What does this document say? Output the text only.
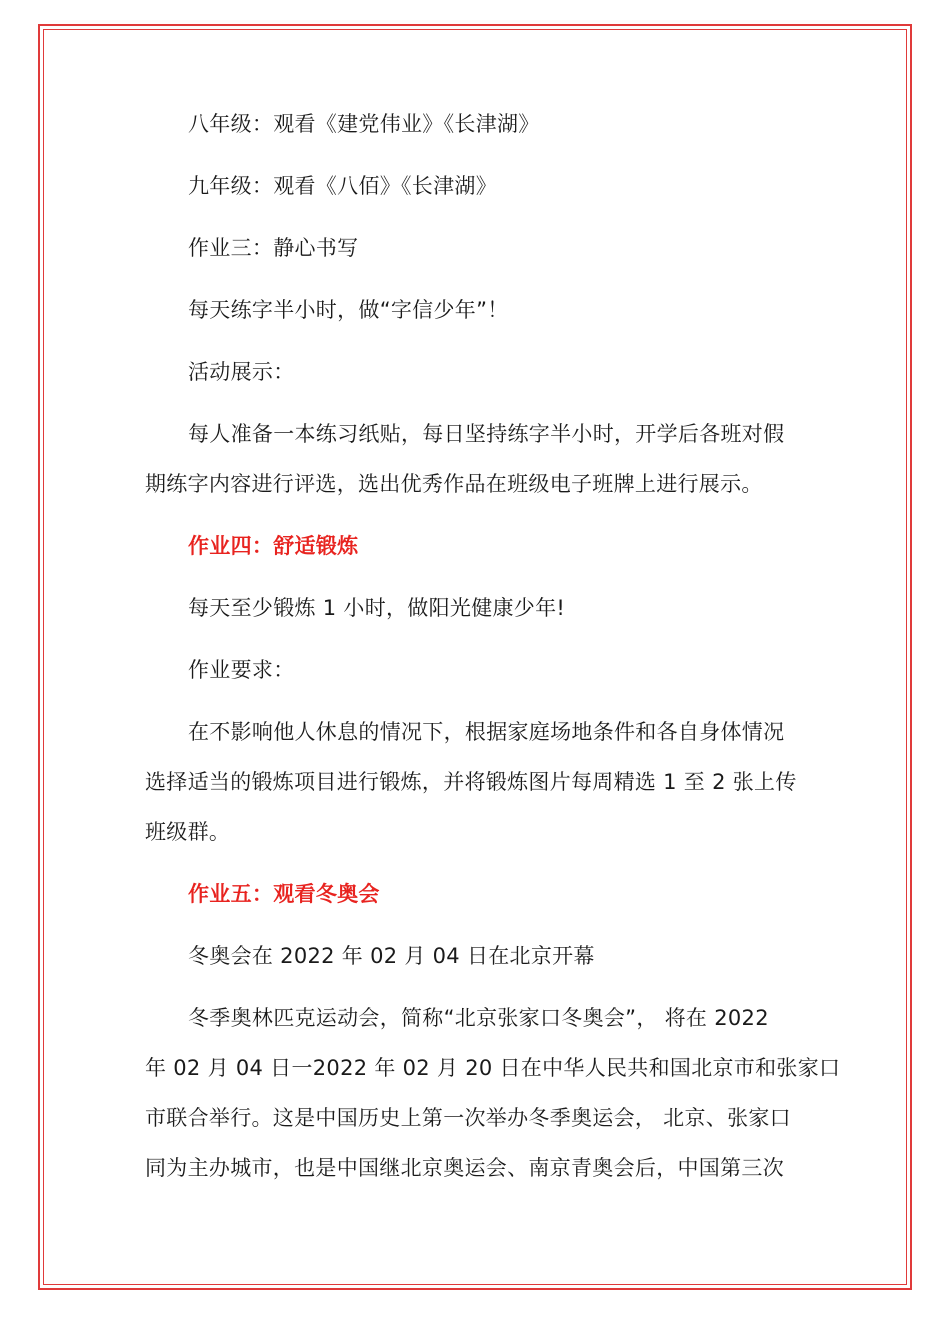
八年级：观看《建党伟业》《长津湖》
九年级：观看《八佰》《长津湖》
作业三：静心书写
每天练字半小时，做“字信少年”！
活动展示：
每人准备一本练习纸贴，每日坚持练字半小时，开学后各班对假
期练字内容进行评选，选出优秀作品在班级电子班牌上进行展示。
作业四：舒适锻炼
每天至少锻炼 1 小时，做阳光健康少年!
作业要求：
在不影响他人休息的情况下，根据家庭场地条件和各自身体情况
选择适当的锻炼项目进行锻炼，并将锻炼图片每周精选 1 至 2 张上传
班级群。
作业五：观看冬奥会
冬奥会在 2022 年 02 月 04 日在北京开幕
冬季奥林匹克运动会，简称“北京张家口冬奥会”， 将在 2022
年 02 月 04 日一2022 年 02 月 20 日在中华人民共和国北京市和张家口
市联合举行。这是中国历史上第一次举办冬季奥运会， 北京、张家口
同为主办城市，也是中国继北京奥运会、南京青奥会后，中国第三次
